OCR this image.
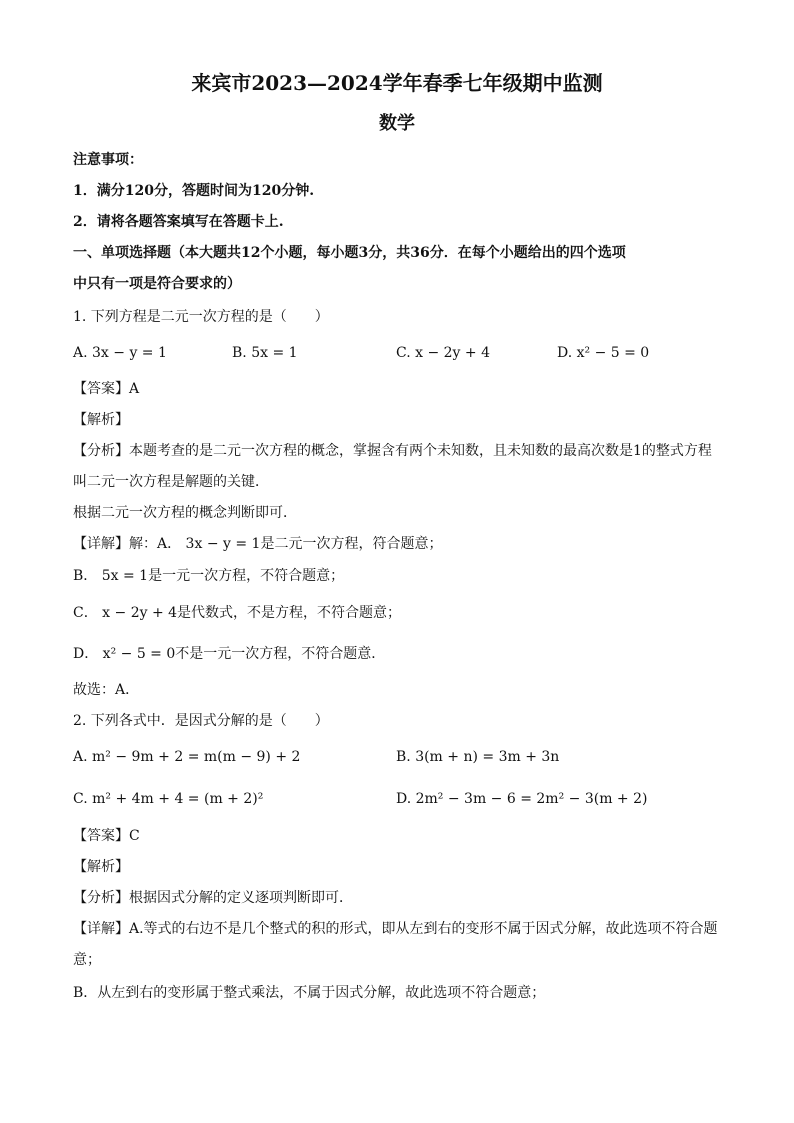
来宾市2023—2024学年春季七年级期中监测
数学
注意事项：
1．满分120分，答题时间为120分钟.
2．请将各题答案填写在答题卡上.
一、单项选择题（本大题共12个小题，每小题3分，共36分．在每个小题给出的四个选项
中只有一项是符合要求的）
1. 下列方程是二元一次方程的是（　　）
A. 3x − y = 1	B. 5x = 1	C. x − 2y + 4	D. x² − 5 = 0
【答案】A
【解析】
【分析】本题考查的是二元一次方程的概念，掌握含有两个未知数，且未知数的最高次数是1的整式方程
叫二元一次方程是解题的关键．
根据二元一次方程的概念判断即可．
【详解】解：A． 3x − y = 1是二元一次方程，符合题意；
B． 5x = 1是一元一次方程，不符合题意；
C． x − 2y + 4是代数式，不是方程，不符合题意；
D． x² − 5 = 0不是一元一次方程，不符合题意．
故选：A．
2. 下列各式中．是因式分解的是（　　）
A. m² − 9m + 2 = m(m − 9) + 2	B. 3(m + n) = 3m + 3n
C. m² + 4m + 4 = (m + 2)²	D. 2m² − 3m − 6 = 2m² − 3(m + 2)
【答案】C
【解析】
【分析】根据因式分解的定义逐项判断即可．
【详解】A.等式的右边不是几个整式的积的形式，即从左到右的变形不属于因式分解，故此选项不符合题
意；
B．从左到右的变形属于整式乘法，不属于因式分解，故此选项不符合题意；
